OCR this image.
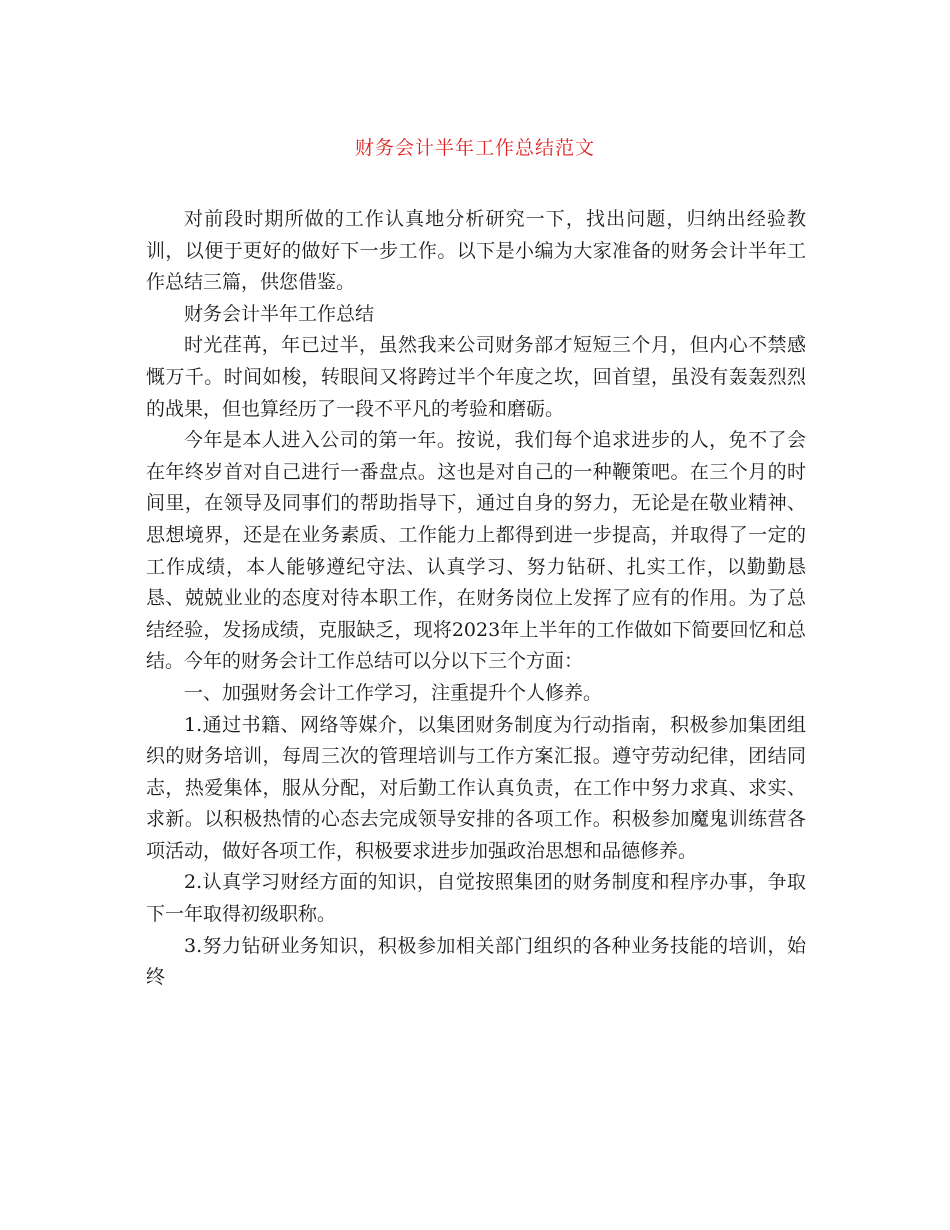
财务会计半年工作总结范文

对前段时期所做的工作认真地分析研究一下，找出问题，归纳出经验教训，以便于更好的做好下一步工作。以下是小编为大家准备的财务会计半年工作总结三篇，供您借鉴。

财务会计半年工作总结

时光荏苒，年已过半，虽然我来公司财务部才短短三个月，但内心不禁感慨万千。时间如梭，转眼间又将跨过半个年度之坎，回首望，虽没有轰轰烈烈的战果，但也算经历了一段不平凡的考验和磨砺。

今年是本人进入公司的第一年。按说，我们每个追求进步的人，免不了会在年终岁首对自己进行一番盘点。这也是对自己的一种鞭策吧。在三个月的时间里，在领导及同事们的帮助指导下，通过自身的努力，无论是在敬业精神、思想境界，还是在业务素质、工作能力上都得到进一步提高，并取得了一定的工作成绩，本人能够遵纪守法、认真学习、努力钻研、扎实工作，以勤勤恳恳、兢兢业业的态度对待本职工作，在财务岗位上发挥了应有的作用。为了总结经验，发扬成绩，克服缺乏，现将2023年上半年的工作做如下简要回忆和总结。今年的财务会计工作总结可以分以下三个方面：

一、加强财务会计工作学习，注重提升个人修养。

1.通过书籍、网络等媒介，以集团财务制度为行动指南，积极参加集团组织的财务培训，每周三次的管理培训与工作方案汇报。遵守劳动纪律，团结同志，热爱集体，服从分配，对后勤工作认真负责，在工作中努力求真、求实、求新。以积极热情的心态去完成领导安排的各项工作。积极参加魔鬼训练营各项活动，做好各项工作，积极要求进步加强政治思想和品德修养。

2.认真学习财经方面的知识，自觉按照集团的财务制度和程序办事，争取下一年取得初级职称。

3.努力钻研业务知识，积极参加相关部门组织的各种业务技能的培训，始终
